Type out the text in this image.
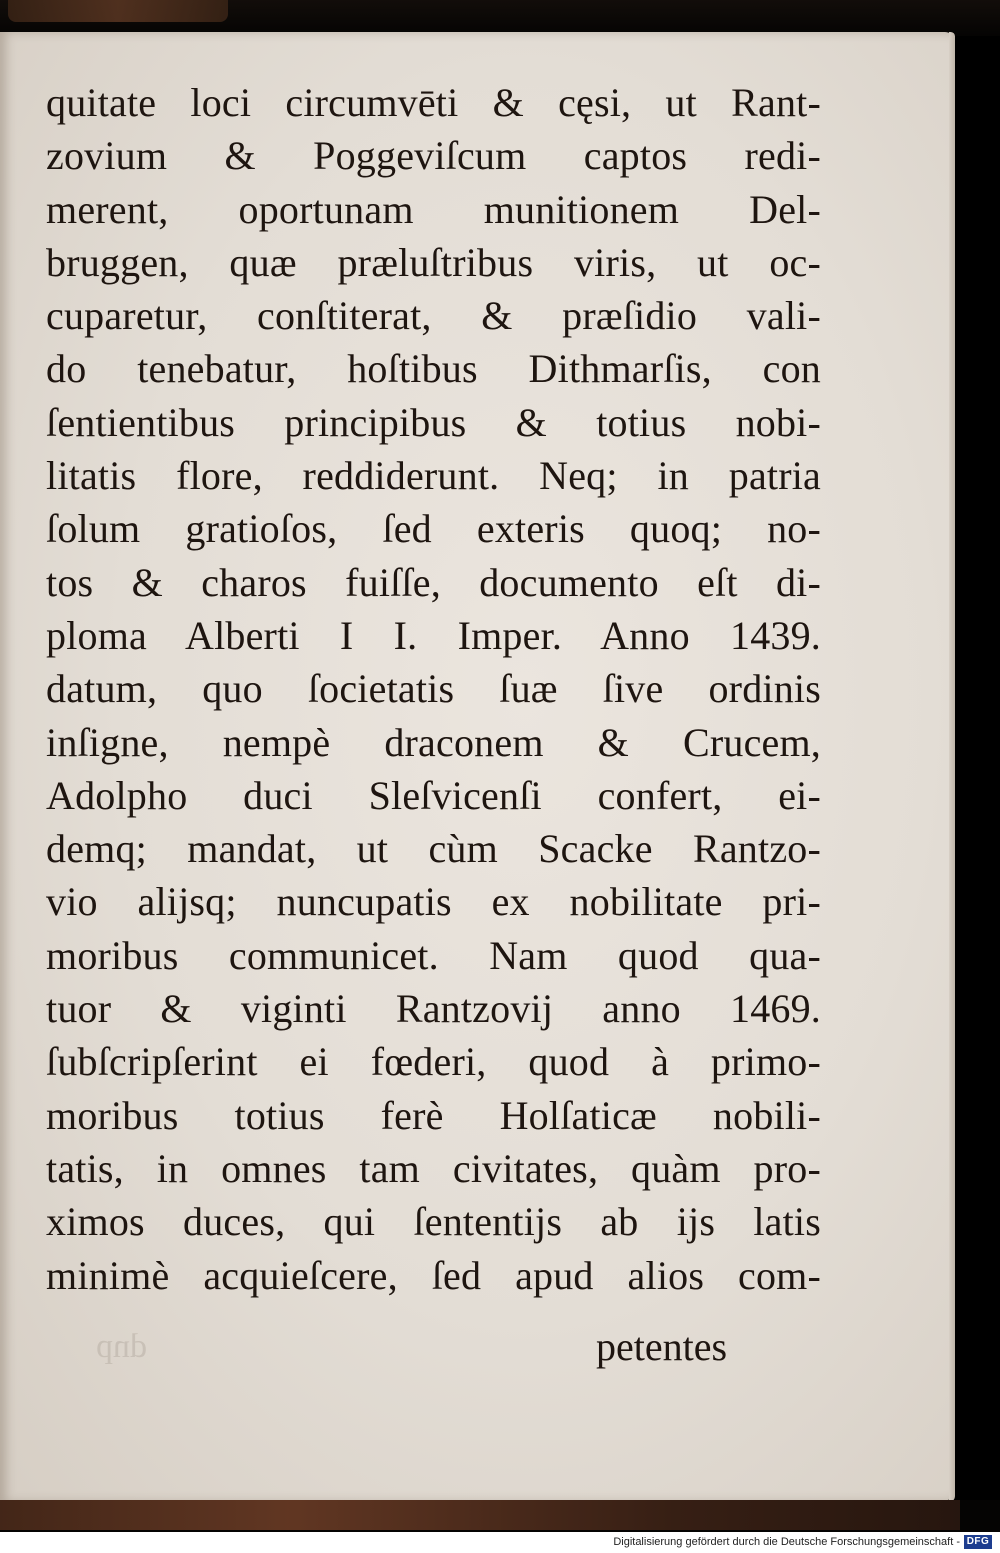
quitate loci circumvēti & cęsi, ut Rant-
zovium & Poggeviſcum captos redi-
merent, oportunam munitionem Del-
bruggen, quæ præluſtribus viris, ut oc-
cuparetur, conſtiterat, & præſidio vali-
do tenebatur, hoſtibus Dithmarſis, con
ſentientibus principibus & totius nobi-
litatis flore, reddiderunt. Neq; in patria
ſolum gratioſos, ſed exteris quoq; no-
tos & charos fuiſſe, documento eſt di-
ploma Alberti I I. Imper. Anno 1439.
datum, quo ſocietatis ſuæ ſive ordinis
inſigne, nempè draconem & Crucem,
Adolpho duci Sleſvicenſi confert, ei-
demq; mandat, ut cùm Scacke Rantzo-
vio alijsq; nuncupatis ex nobilitate pri-
moribus communicet. Nam quod qua-
tuor & viginti Rantzovij anno 1469.
ſubſcripſerint ei fœderi, quod à primo-
moribus totius ferè Holſaticæ nobili-
tatis, in omnes tam civitates, quàm pro-
ximos duces, qui ſententijs ab ijs latis
minimè acquieſcere, ſed apud alios com-
dnp	petentes
Digitalisierung gefördert durch die Deutsche Forschungsgemeinschaft - DFG
